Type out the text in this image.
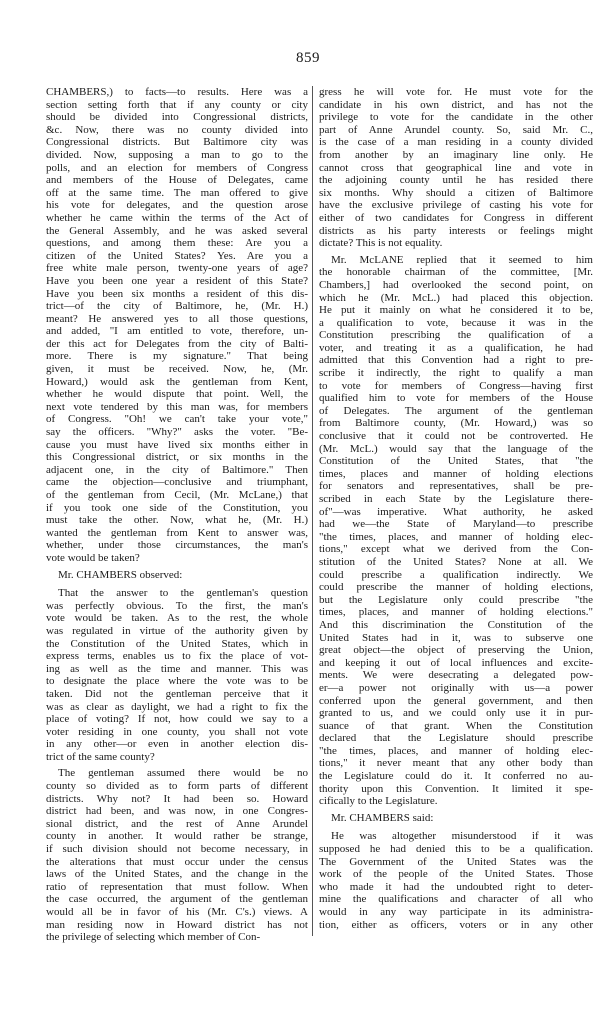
859
CHAMBERS,) to facts—to results. Here was a
section setting forth that if any county or city
should be divided into Congressional districts,
&c. Now, there was no county divided into
Congressional districts. But Baltimore city was
divided. Now, supposing a man to go to the
polls, and an election for members of Congress
and members of the House of Delegates, came
off at the same time. The man offered to give
his vote for delegates, and the question arose
whether he came within the terms of the Act of
the General Assembly, and he was asked several
questions, and among them these: Are you a
citizen of the United States? Yes. Are you a
free white male person, twenty-one years of age?
Have you been one year a resident of this State?
Have you been six months a resident of this dis-
trict—of the city of Baltimore, he, (Mr. H.)
meant? He answered yes to all those questions,
and added, "I am entitled to vote, therefore, un-
der this act for Delegates from the city of Balti-
more. There is my signature." That being
given, it must be received. Now, he, (Mr.
Howard,) would ask the gentleman from Kent,
whether he would dispute that point. Well, the
next vote tendered by this man was, for members
of Congress. "Oh! we can't take your vote,"
say the officers. "Why?" asks the voter. "Be-
cause you must have lived six months either in
this Congressional district, or six months in the
adjacent one, in the city of Baltimore." Then
came the objection—conclusive and triumphant,
of the gentleman from Cecil, (Mr. McLane,) that
if you took one side of the Constitution, you
must take the other. Now, what he, (Mr. H.)
wanted the gentleman from Kent to answer was,
whether, under those circumstances, the man's
vote would be taken?
Mr. CHAMBERS observed:
That the answer to the gentleman's question
was perfectly obvious. To the first, the man's
vote would be taken. As to the rest, the whole
was regulated in virtue of the authority given by
the Constitution of the United States, which in
express terms, enables us to fix the place of vot-
ing as well as the time and manner. This was
to designate the place where the vote was to be
taken. Did not the gentleman perceive that it
was as clear as daylight, we had a right to fix the
place of voting? If not, how could we say to a
voter residing in one county, you shall not vote
in any other—or even in another election dis-
trict of the same county?
The gentleman assumed there would be no
county so divided as to form parts of different
districts. Why not? It had been so. Howard
district had been, and was now, in one Congres-
sional district, and the rest of Anne Arundel
county in another. It would rather be strange,
if such division should not become necessary, in
the alterations that must occur under the census
laws of the United States, and the change in the
ratio of representation that must follow. When
the case occurred, the argument of the gentleman
would all be in favor of his (Mr. C's.) views. A
man residing now in Howard district has not
the privilege of selecting which member of Con-
gress he will vote for. He must vote for the
candidate in his own district, and has not the
privilege to vote for the candidate in the other
part of Anne Arundel county. So, said Mr. C.,
is the case of a man residing in a county divided
from another by an imaginary line only. He
cannot cross that geographical line and vote in
the adjoining county until he has resided there
six months. Why should a citizen of Baltimore
have the exclusive privilege of casting his vote for
either of two candidates for Congress in different
districts as his party interests or feelings might
dictate? This is not equality.
Mr. McLANE replied that it seemed to him
the honorable chairman of the committee, [Mr.
Chambers,] had overlooked the second point, on
which he (Mr. McL.) had placed this objection.
He put it mainly on what he considered it to be,
a qualification to vote, because it was in the
Constitution prescribing the qualification of a
voter, and treating it as a qualification, he had
admitted that this Convention had a right to pre-
scribe it indirectly, the right to qualify a man
to vote for members of Congress—having first
qualified him to vote for members of the House
of Delegates. The argument of the gentleman
from Baltimore county, (Mr. Howard,) was so
conclusive that it could not be controverted. He
(Mr. McL.) would say that the language of the
Constitution of the United States, that "the
times, places and manner of holding elections
for senators and representatives, shall be pre-
scribed in each State by the Legislature there-
of"—was imperative. What authority, he asked
had we—the State of Maryland—to prescribe
"the times, places, and manner of holding elec-
tions," except what we derived from the Con-
stitution of the United States? None at all. We
could prescribe a qualification indirectly. We
could prescribe the manner of holding elections,
but the Legislature only could prescribe "the
times, places, and manner of holding elections."
And this discrimination the Constitution of the
United States had in it, was to subserve one
great object—the object of preserving the Union,
and keeping it out of local influences and excite-
ments. We were desecrating a delegated pow-
er—a power not originally with us—a power
conferred upon the general government, and then
granted to us, and we could only use it in pur-
suance of that grant. When the Constitution
declared that the Legislature should prescribe
"the times, places, and manner of holding elec-
tions," it never meant that any other body than
the Legislature could do it. It conferred no au-
thority upon this Convention. It limited it spe-
cifically to the Legislature.
Mr. CHAMBERS said:
He was altogether misunderstood if it was
supposed he had denied this to be a qualification.
The Government of the United States was the
work of the people of the United States. Those
who made it had the undoubted right to deter-
mine the qualifications and character of all who
would in any way participate in its administra-
tion, either as officers, voters or in any other
